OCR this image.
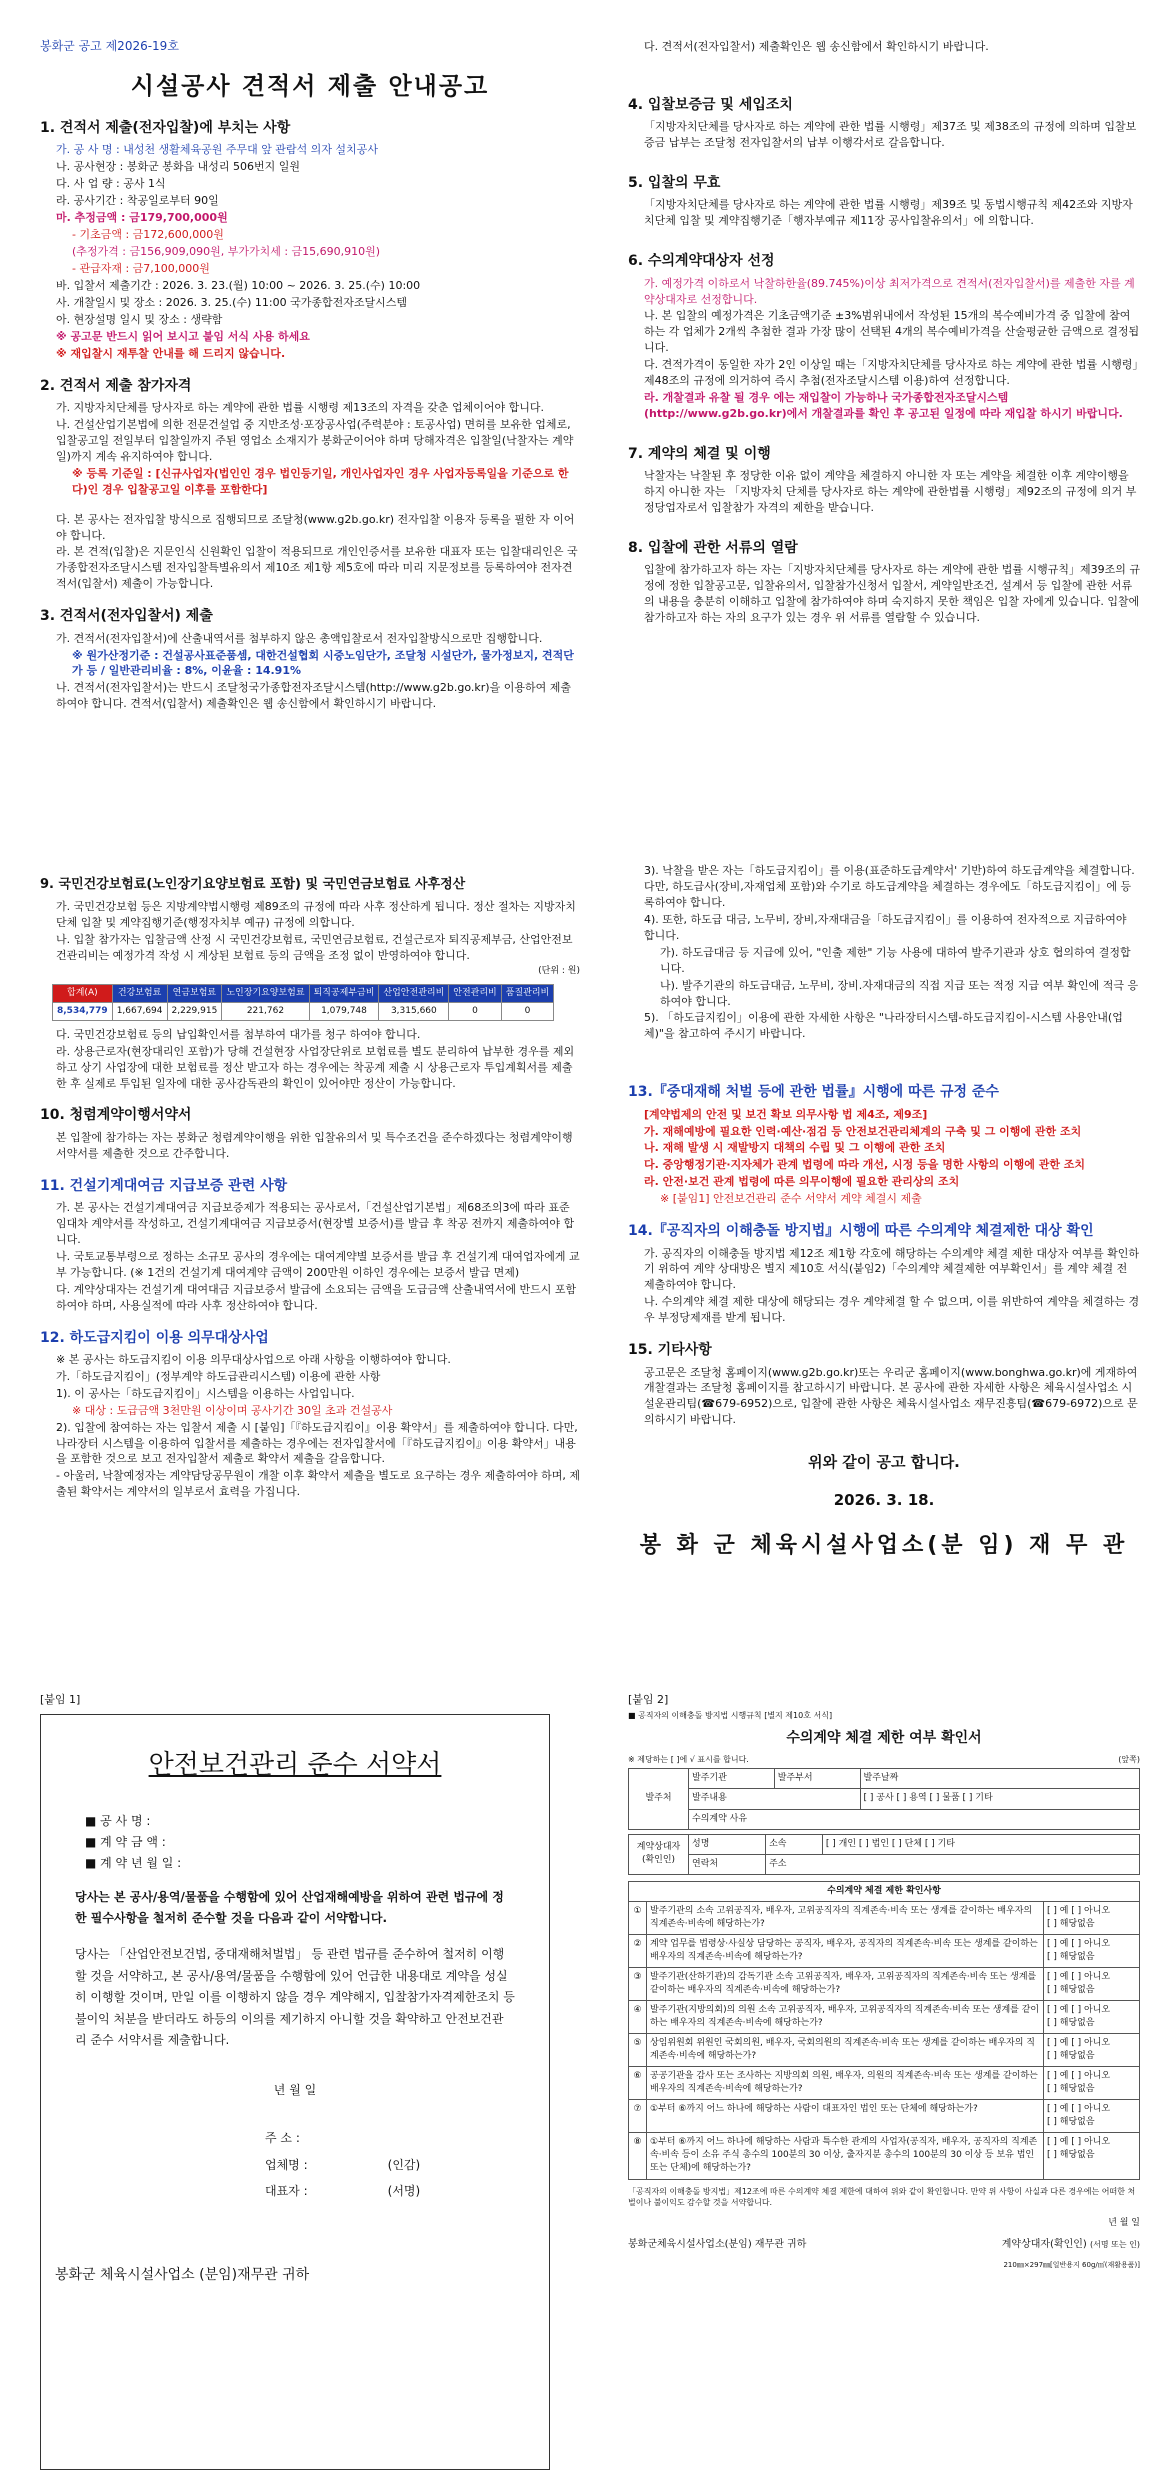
봉화군 공고 제2026-19호
시설공사 견적서 제출 안내공고
1. 견적서 제출(전자입찰)에 부치는 사항

가. 공 사 명 : 내성천 생활체육공원 주무대 앞 관람석 의자 설치공사

나. 공사현장 : 봉화군 봉화읍 내성리 506번지 일원

다. 사 업 량 : 공사 1식

라. 공사기간 : 착공일로부터 90일

마. 추정금액 : 금179,700,000원

- 기초금액 : 금172,600,000원

(추정가격 : 금156,909,090원, 부가가치세 : 금15,690,910원)

- 관급자재 : 금7,100,000원

바. 입찰서 제출기간 : 2026. 3. 23.(월) 10:00 ~ 2026. 3. 25.(수) 10:00

사. 개찰일시 및 장소 : 2026. 3. 25.(수) 11:00 국가종합전자조달시스템

아. 현장설명 일시 및 장소 : 생략함

※ 공고문 반드시 읽어 보시고 붙임 서식 사용 하세요

※ 재입찰시 재투찰 안내를 해 드리지 않습니다.

2. 견적서 제출 참가자격

가. 지방자치단체를 당사자로 하는 계약에 관한 법률 시행령 제13조의 자격을 갖춘 업체이어야 합니다.

나. 건설산업기본법에 의한 전문건설업 중 지반조성·포장공사업(주력분야 : 토공사업) 면허를 보유한 업체로, 입찰공고일 전일부터 입찰일까지 주된 영업소 소재지가 봉화군이어야 하며 당해자격은 입찰일(낙찰자는 계약일)까지 계속 유지하여야 합니다.

※ 등록 기준일 : [신규사업자(법인인 경우 법인등기일, 개인사업자인 경우 사업자등록일을 기준으로 한다)인 경우 입찰공고일 이후를 포함한다]

다. 본 공사는 전자입찰 방식으로 집행되므로 조달청(www.g2b.go.kr) 전자입찰 이용자 등록을 필한 자 이어야 합니다.

라. 본 견적(입찰)은 지문인식 신원확인 입찰이 적용되므로 개인인증서를 보유한 대표자 또는 입찰대리인은 국가종합전자조달시스템 전자입찰특별유의서 제10조 제1항 제5호에 따라 미리 지문정보를 등록하여야 전자견적서(입찰서) 제출이 가능합니다.

3. 견적서(전자입찰서) 제출

가. 견적서(전자입찰서)에 산출내역서를 첨부하지 않은 총액입찰로서 전자입찰방식으로만 집행합니다.

※ 원가산정기준 : 건설공사표준품셈, 대한건설협회 시중노임단가, 조달청 시설단가, 물가정보지, 견적단가 등 / 일반관리비율 : 8%, 이윤율 : 14.91%

나. 견적서(전자입찰서)는 반드시 조달청국가종합전자조달시스템(http://www.g2b.go.kr)을 이용하여 제출하여야 합니다. 견적서(입찰서) 제출확인은 웹 송신함에서 확인하시기 바랍니다.

다. 견적서(전자입찰서) 제출확인은 웹 송신함에서 확인하시기 바랍니다.

4. 입찰보증금 및 세입조치

「지방자치단체를 당사자로 하는 계약에 관한 법률 시행령」제37조 및 제38조의 규정에 의하며 입찰보증금 납부는 조달청 전자입찰서의 납부 이행각서로 갈음합니다.

5. 입찰의 무효

「지방자치단체를 당사자로 하는 계약에 관한 법률 시행령」제39조 및 동법시행규칙 제42조와 지방자치단체 입찰 및 계약집행기준「행자부예규 제11장 공사입찰유의서」에 의합니다.

6. 수의계약대상자 선정

가. 예정가격 이하로서 낙찰하한율(89.745%)이상 최저가격으로 견적서(전자입찰서)를 제출한 자를 계약상대자로 선정합니다.

나. 본 입찰의 예정가격은 기초금액기준 ±3%범위내에서 작성된 15개의 복수예비가격 중 입찰에 참여하는 각 업체가 2개씩 추첨한 결과 가장 많이 선택된 4개의 복수예비가격을 산술평균한 금액으로 결정됩니다.

다. 견적가격이 동일한 자가 2인 이상일 때는「지방자치단체를 당사자로 하는 계약에 관한 법률 시행령」제48조의 규정에 의거하여 즉시 추첨(전자조달시스템 이용)하여 선정합니다.

라. 개찰결과 유찰 될 경우 에는 재입찰이 가능하나 국가종합전자조달시스템(http://www.g2b.go.kr)에서 개찰결과를 확인 후 공고된 일정에 따라 재입찰 하시기 바랍니다.

7. 계약의 체결 및 이행

낙찰자는 낙찰된 후 정당한 이유 없이 계약을 체결하지 아니한 자 또는 계약을 체결한 이후 계약이행을 하지 아니한 자는 「지방자치 단체를 당사자로 하는 계약에 관한법률 시행령」제92조의 규정에 의거 부정당업자로서 입찰참가 자격의 제한을 받습니다.

8. 입찰에 관한 서류의 열람

입찰에 참가하고자 하는 자는「지방자치단체를 당사자로 하는 계약에 관한 법률 시행규칙」제39조의 규정에 정한 입찰공고문, 입찰유의서, 입찰참가신청서 입찰서, 계약일반조건, 설계서 등 입찰에 관한 서류의 내용을 충분히 이해하고 입찰에 참가하여야 하며 숙지하지 못한 책임은 입찰 자에게 있습니다. 입찰에 참가하고자 하는 자의 요구가 있는 경우 위 서류를 열람할 수 있습니다.

9. 국민건강보험료(노인장기요양보험료 포함) 및 국민연금보험료 사후정산

가. 국민건강보험 등은 지방계약법시행령 제89조의 규정에 따라 사후 정산하게 됩니다. 정산 절차는 지방자치단체 입찰 및 계약집행기준(행정자치부 예규) 규정에 의합니다.

나. 입찰 참가자는 입찰금액 산정 시 국민건강보험료, 국민연금보험료, 건설근로자 퇴직공제부금, 산업안전보건관리비는 예정가격 작성 시 계상된 보험료 등의 금액을 조정 없이 반영하여야 합니다.

(단위 : 원)
합계(A)	건강보험료	연금보험료	노인장기요양보험료	퇴직공제부금비	산업안전관리비	안전관리비	품질관리비
8,534,779	1,667,694	2,229,915	221,762	1,079,748	3,315,660	0	0

다. 국민건강보험료 등의 납입확인서를 첨부하여 대가를 청구 하여야 합니다.

라. 상용근로자(현장대리인 포함)가 당해 건설현장 사업장단위로 보험료를 별도 분리하여 납부한 경우를 제외하고 상기 사업장에 대한 보험료를 정산 받고자 하는 경우에는 착공계 제출 시 상용근로자 투입계획서를 제출한 후 실제로 투입된 일자에 대한 공사감독관의 확인이 있어야만 정산이 가능합니다.

10. 청렴계약이행서약서

본 입찰에 참가하는 자는 봉화군 청렴계약이행을 위한 입찰유의서 및 특수조건을 준수하겠다는 청렴계약이행서약서를 제출한 것으로 간주합니다.

11. 건설기계대여금 지급보증 관련 사항

가. 본 공사는 건설기계대여금 지급보증제가 적용되는 공사로서,「건설산업기본법」제68조의3에 따라 표준임대차 계약서를 작성하고, 건설기계대여금 지급보증서(현장별 보증서)를 발급 후 착공 전까지 제출하여야 합니다.

나. 국토교통부령으로 정하는 소규모 공사의 경우에는 대여계약별 보증서를 발급 후 건설기계 대여업자에게 교부 가능합니다. (※ 1건의 건설기계 대여계약 금액이 200만원 이하인 경우에는 보증서 발급 면제)

다. 계약상대자는 건설기계 대여대금 지급보증서 발급에 소요되는 금액을 도급금액 산출내역서에 반드시 포함하여야 하며, 사용실적에 따라 사후 정산하여야 합니다.

12. 하도급지킴이 이용 의무대상사업

※ 본 공사는 하도급지킴이 이용 의무대상사업으로 아래 사항을 이행하여야 합니다.

가.「하도급지킴이」(정부계약 하도급관리시스템) 이용에 관한 사항

1). 이 공사는「하도급지킴이」시스템을 이용하는 사업입니다.

※ 대상 : 도급금액 3천만원 이상이며 공사기간 30일 초과 건설공사

2). 입찰에 참여하는 자는 입찰서 제출 시 [붙임]「『하도급지킴이』이용 확약서」를 제출하여야 합니다. 다만, 나라장터 시스템을 이용하여 입찰서를 제출하는 경우에는 전자입찰서에「『하도급지킴이』이용 확약서」내용을 포함한 것으로 보고 전자입찰서 제출로 확약서 제출을 갈음합니다.

- 아울러, 낙찰예정자는 계약담당공무원이 개찰 이후 확약서 제출을 별도로 요구하는 경우 제출하여야 하며, 제출된 확약서는 계약서의 일부로서 효력을 가집니다.

3). 낙찰을 받은 자는「하도급지킴이」를 이용(표준하도급계약서' 기반)하여 하도급계약을 체결합니다. 다만, 하도급사(장비,자재업체 포함)와 수기로 하도급계약을 체결하는 경우에도「하도급지킴이」에 등록하여야 합니다.

4). 또한, 하도급 대금, 노무비, 장비,자재대금을「하도급지킴이」를 이용하여 전자적으로 지급하여야 합니다.

가). 하도급대금 등 지급에 있어, "인출 제한" 기능 사용에 대하여 발주기관과 상호 협의하여 결정합니다.

나). 발주기관의 하도급대금, 노무비, 장비.자재대금의 직접 지급 또는 적정 지급 여부 확인에 적극 응하여야 합니다.

5). 「하도급지킴이」이용에 관한 자세한 사항은 "나라장터시스템-하도급지킴이-시스템 사용안내(업체)"을 참고하여 주시기 바랍니다.

13.『중대재해 처벌 등에 관한 법률』시행에 따른 규정 준수

[계약법제의 안전 및 보건 확보 의무사항 법 제4조, 제9조]

가. 재해예방에 필요한 인력·예산·점검 등 안전보건관리체계의 구축 및 그 이행에 관한 조치

나. 재해 발생 시 재발방지 대책의 수립 및 그 이행에 관한 조치

다. 중앙행정기관·지자체가 관계 법령에 따라 개선, 시정 등을 명한 사항의 이행에 관한 조치

라. 안전·보건 관계 법령에 따른 의무이행에 필요한 관리상의 조치

※ [붙임1] 안전보건관리 준수 서약서 계약 체결시 제출

14.『공직자의 이해충돌 방지법』시행에 따른 수의계약 체결제한 대상 확인

가. 공직자의 이해충돌 방지법 제12조 제1항 각호에 해당하는 수의계약 체결 제한 대상자 여부를 확인하기 위하여 계약 상대방은 별지 제10호 서식(붙임2)「수의계약 체결제한 여부확인서」를 계약 체결 전 제출하여야 합니다.

나. 수의계약 체결 제한 대상에 해당되는 경우 계약체결 할 수 없으며, 이를 위반하여 계약을 체결하는 경우 부정당제재를 받게 됩니다.

15. 기타사항

공고문은 조달청 홈페이지(www.g2b.go.kr)또는 우리군 홈페이지(www.bonghwa.go.kr)에 게재하여 개찰결과는 조달청 홈페이지를 참고하시기 바랍니다. 본 공사에 관한 자세한 사항은 체육시설사업소 시설운관리팀(☎679-6952)으로, 입찰에 관한 사항은 체육시설사업소 재무진흥팀(☎679-6972)으로 문의하시기 바랍니다.

위와 같이 공고 합니다.
2026. 3. 18.
봉 화 군 체육시설사업소(분 임) 재 무 관
[붙임 1]
안전보건관리 준수 서약서
■ 공 사 명 :
■ 계 약 금 액 :
■ 계 약 년 월 일 :
당사는 본 공사/용역/물품을 수행함에 있어 산업재해예방을 위하여 관련 법규에 정한 필수사항을 철저히 준수할 것을 다음과 같이 서약합니다.
당사는 「산업안전보건법, 중대재해처벌법」 등 관련 법규를 준수하여 철저히 이행할 것을 서약하고, 본 공사/용역/물품을 수행함에 있어 언급한 내용대로 계약을 성실히 이행할 것이며, 만일 이를 이행하지 않을 경우 계약해지, 입찰참가자격제한조치 등 불이익 처분을 받더라도 하등의 이의를 제기하지 아니할 것을 확약하고 안전보건관리 준수 서약서를 제출합니다.
년 월 일
주 소 :
업체명 :	(인감)
대표자 :	(서명)
봉화군 체육시설사업소 (분임)재무관 귀하
[붙임 2]
■ 공직자의 이해충돌 방지법 시행규칙 [별지 제10호 서식]
수의계약 체결 제한 여부 확인서
※ 제당하는 [ ]에 √ 표시를 합니다.	(앞쪽)
발주처	발주기관	발주부서	발주날짜
	발주내용		[ ] 공사 [ ] 용역 [ ] 물품 [ ] 기타
	수의계약 사유		
계약상대자 (확인인)	성명	소속	[ ] 개인 [ ] 법인 [ ] 단체 [ ] 기타
	연락처	주소	
수의계약 체결 제한 확인사항		
①	발주기관의 소속 고위공직자, 배우자, 고위공직자의 직계존속·비속 또는 생계를 같이하는 배우자의 직계존속·비속에 해당하는가?	[ ] 예 [ ] 아니오
[ ] 해당없음
②	계약 업무를 법령상·사실상 담당하는 공직자, 배우자, 공직자의 직계존속·비속 또는 생계를 같이하는 배우자의 직계존속·비속에 해당하는가?	[ ] 예 [ ] 아니오
[ ] 해당없음
③	발주기관(산하기관)의 감독기관 소속 고위공직자, 배우자, 고위공직자의 직계존속·비속 또는 생계를 같이하는 배우자의 직계존속·비속에 해당하는가?	[ ] 예 [ ] 아니오
[ ] 해당없음
④	발주기관(지방의회)의 의원 소속 고위공직자, 배우자, 고위공직자의 직계존속·비속 또는 생계를 같이하는 배우자의 직계존속·비속에 해당하는가?	[ ] 예 [ ] 아니오
[ ] 해당없음
⑤	상임위원회 위원인 국회의원, 배우자, 국회의원의 직계존속·비속 또는 생계를 같이하는 배우자의 직계존속·비속에 해당하는가?	[ ] 예 [ ] 아니오
[ ] 해당없음
⑥	공공기관을 감사 또는 조사하는 지방의회 의원, 배우자, 의원의 직계존속·비속 또는 생계를 같이하는 배우자의 직계존속·비속에 해당하는가?	[ ] 예 [ ] 아니오
[ ] 해당없음
⑦	①부터 ⑥까지 어느 하나에 해당하는 사람이 대표자인 법인 또는 단체에 해당하는가?	[ ] 예 [ ] 아니오
[ ] 해당없음
⑧	①부터 ⑥까지 어느 하나에 해당하는 사람과 특수한 관계의 사업자(공직자, 배우자, 공직자의 직계존속·비속 등이 소유 주식 총수의 100분의 30 이상, 출자지분 총수의 100분의 30 이상 등 보유 법인 또는 단체)에 해당하는가?	[ ] 예 [ ] 아니오
[ ] 해당없음
「공직자의 이해충돌 방지법」제12조에 따른 수의계약 체결 제한에 대하여 위와 같이 확인합니다. 만약 위 사항이 사실과 다른 경우에는 어떠한 처벌이나 불이익도 감수할 것을 서약합니다.
년 월 일
봉화군체육시설사업소(분임) 재무관 귀하	계약상대자(확인인) (서명 또는 인)
210㎜×297㎜[일반용지 60g/㎡(재활용품)]
